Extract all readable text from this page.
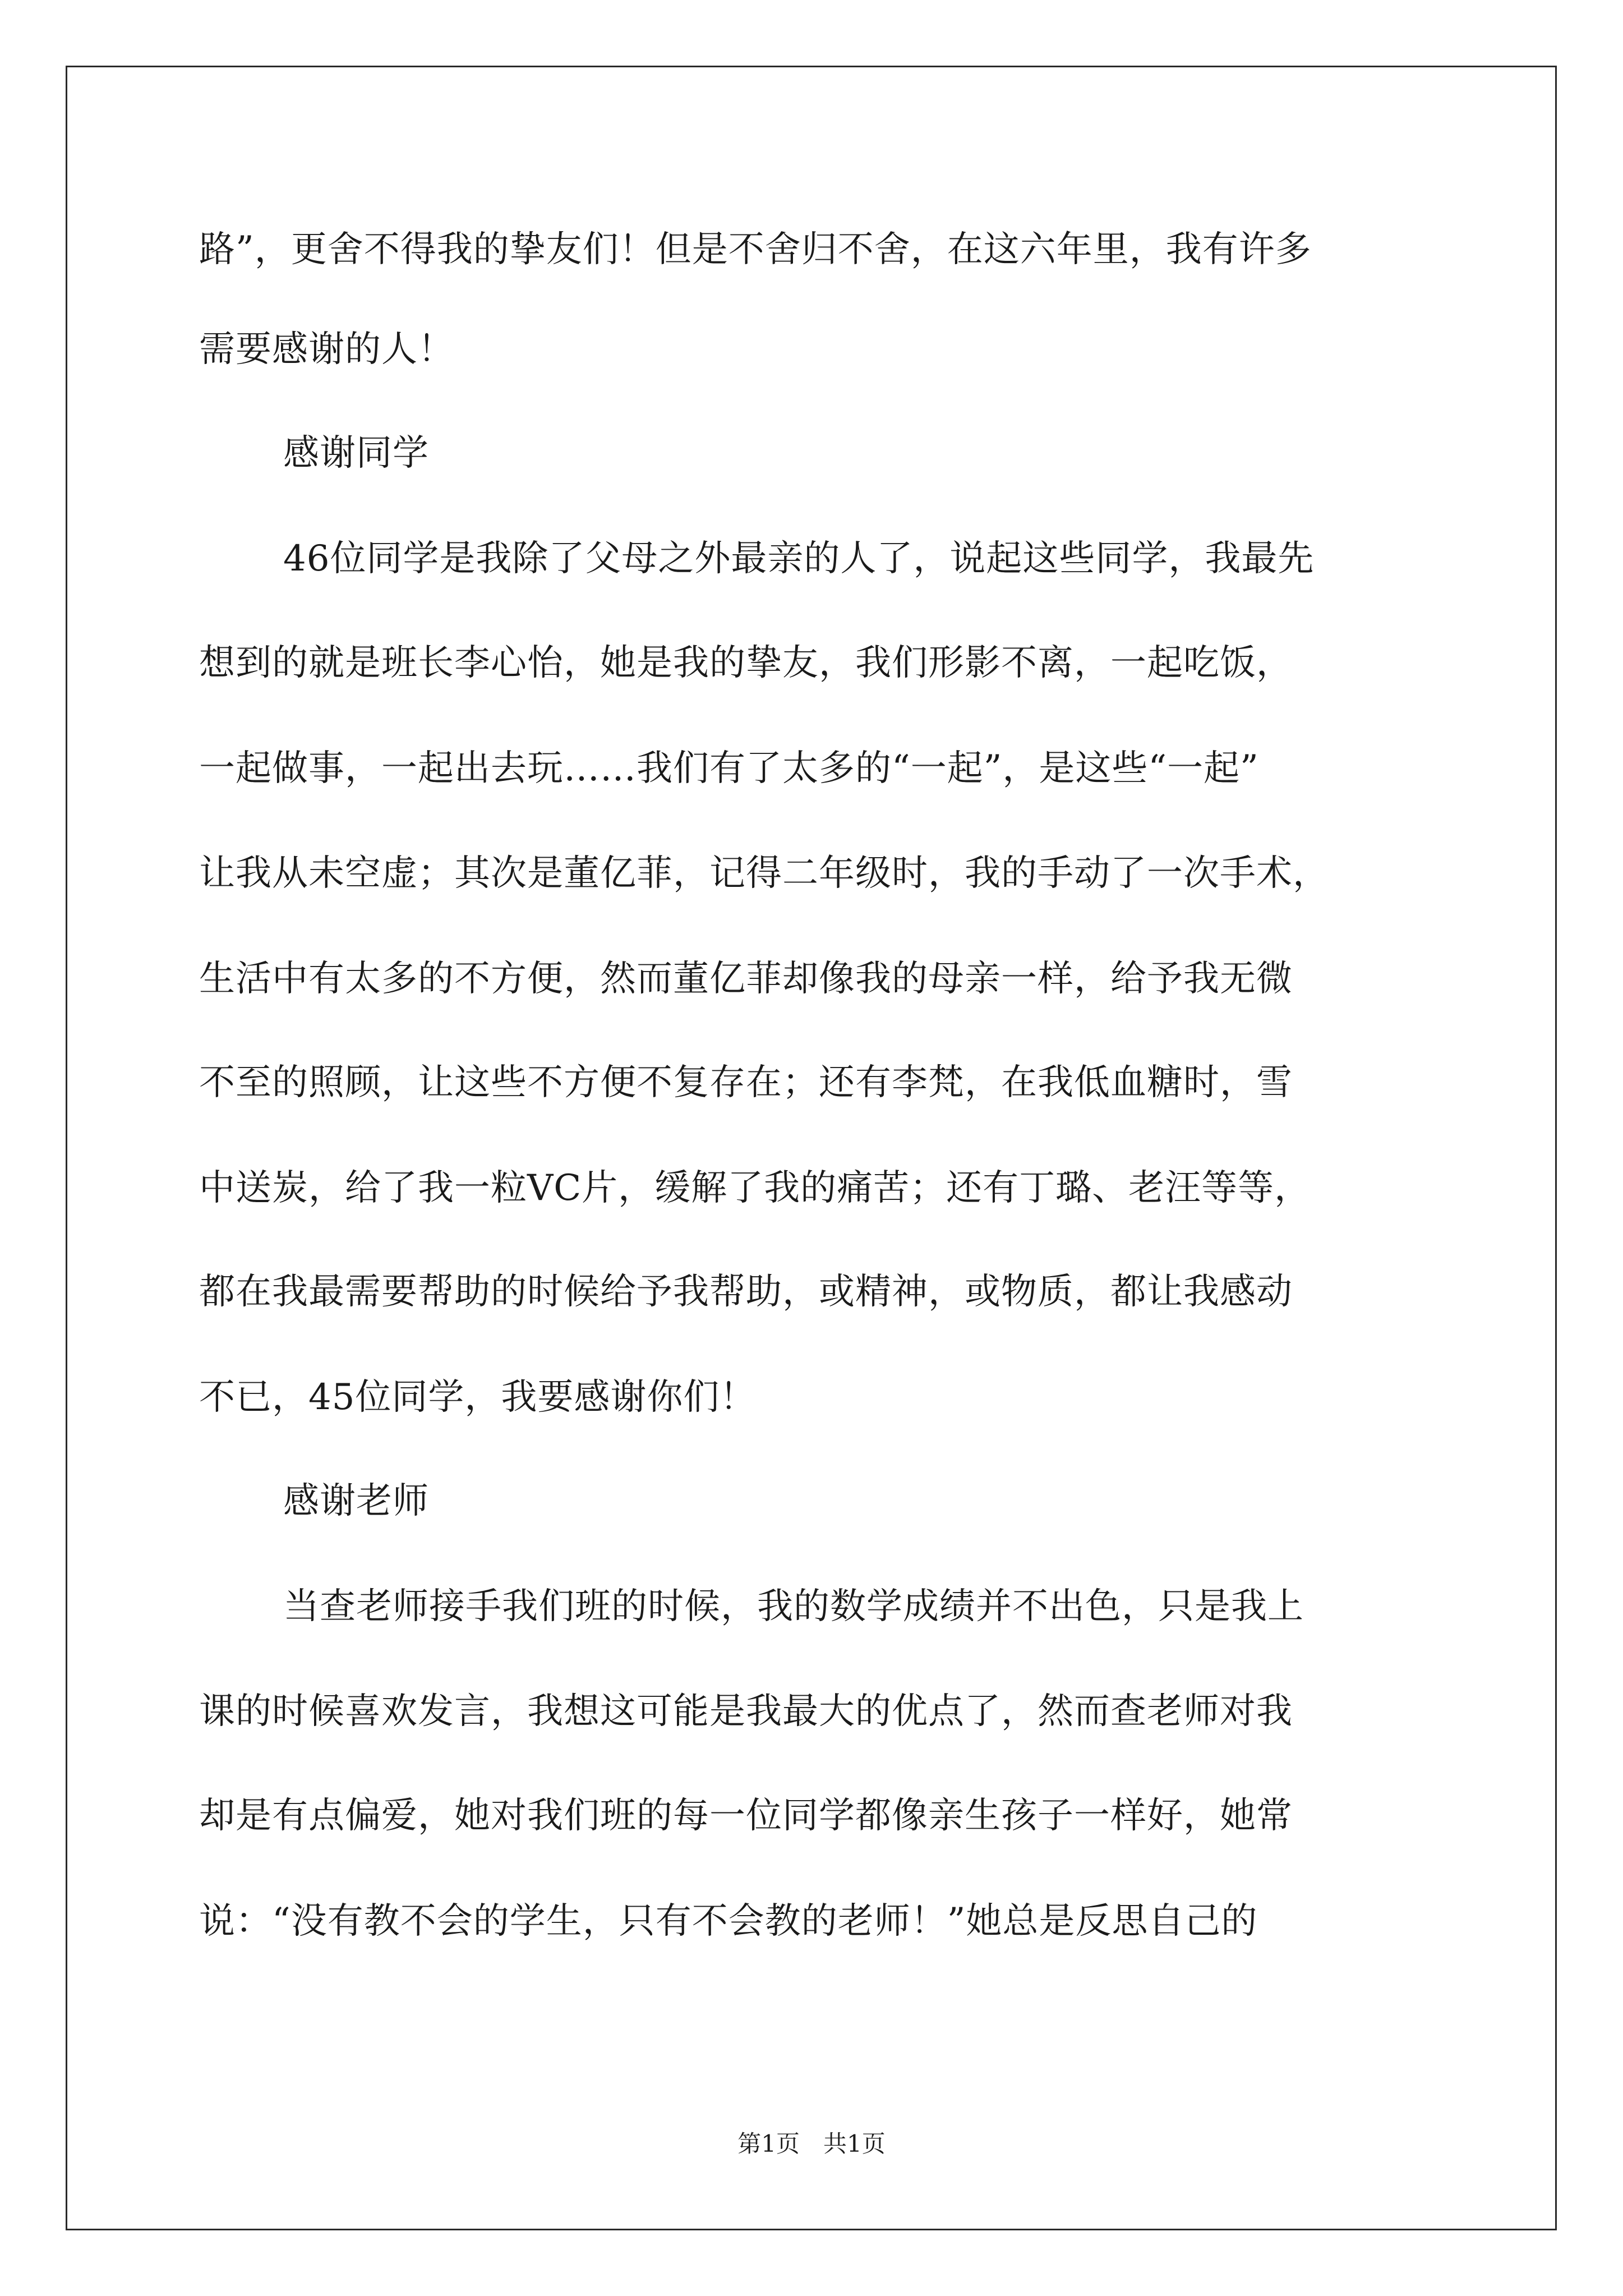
路”，更舍不得我的挚友们！但是不舍归不舍，在这六年里，我有许多
需要感谢的人！
感谢同学
46位同学是我除了父母之外最亲的人了，说起这些同学，我最先
想到的就是班长李心怡，她是我的挚友，我们形影不离，一起吃饭，
一起做事，一起出去玩……我们有了太多的“一起”，是这些“一起”
让我从未空虚；其次是董亿菲，记得二年级时，我的手动了一次手术，
生活中有太多的不方便，然而董亿菲却像我的母亲一样，给予我无微
不至的照顾，让这些不方便不复存在；还有李梵，在我低血糖时，雪
中送炭，给了我一粒VC片，缓解了我的痛苦；还有丁璐、老汪等等，
都在我最需要帮助的时候给予我帮助，或精神，或物质，都让我感动
不已，45位同学，我要感谢你们！
感谢老师
当查老师接手我们班的时候，我的数学成绩并不出色，只是我上
课的时候喜欢发言，我想这可能是我最大的优点了，然而查老师对我
却是有点偏爱，她对我们班的每一位同学都像亲生孩子一样好，她常
说：“没有教不会的学生，只有不会教的老师！”她总是反思自己的
第1页　共1页
